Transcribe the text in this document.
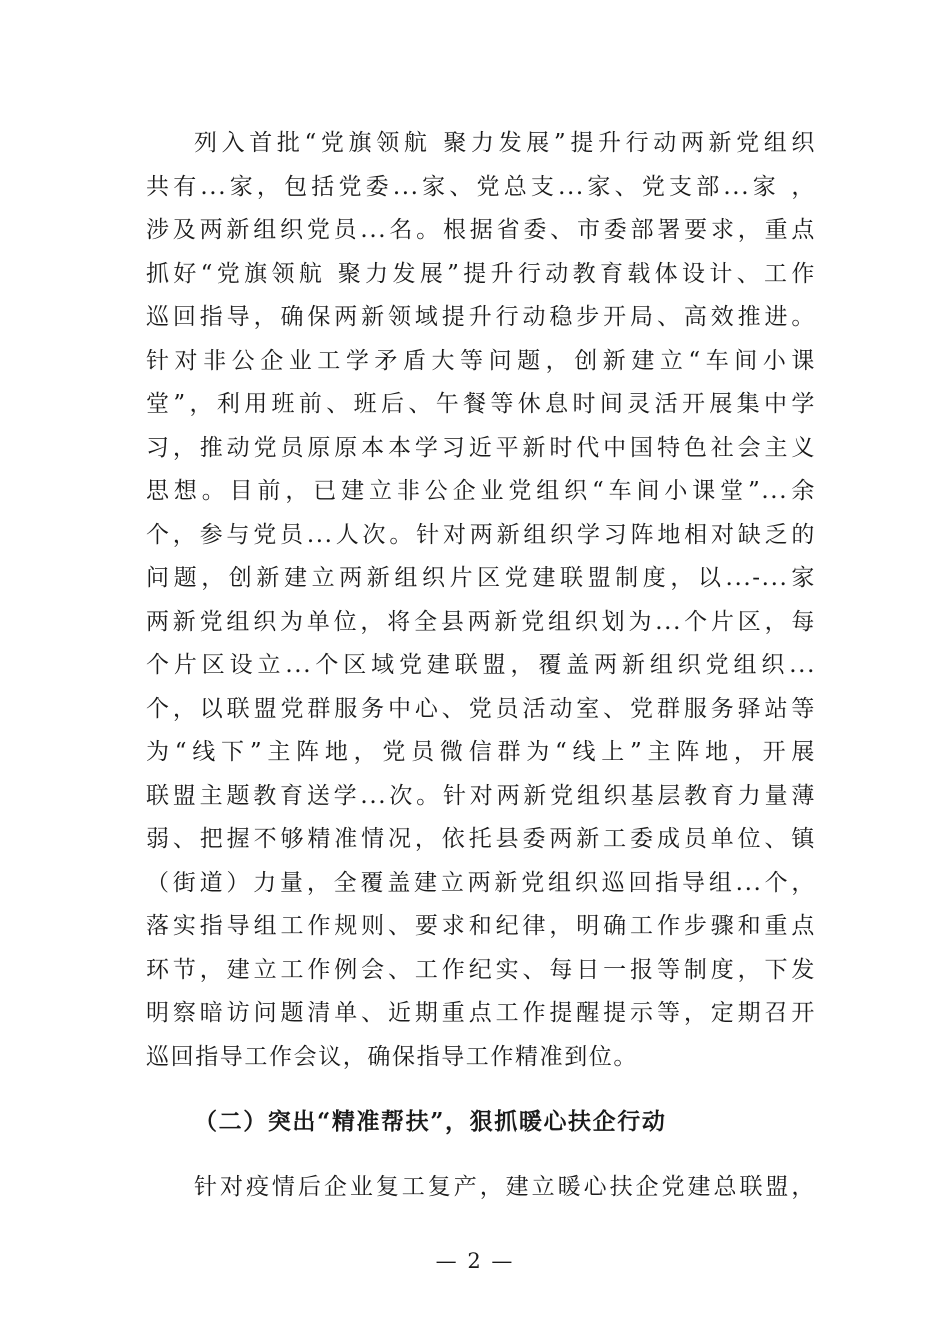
列入首批“党旗领航 聚力发展”提升行动两新党组织
共有...家，包括党委...家、党总支...家、党支部...家 ，
涉及两新组织党员...名。根据省委、市委部署要求，重点
抓好“党旗领航 聚力发展”提升行动教育载体设计、工作
巡回指导，确保两新领域提升行动稳步开局、高效推进。
针对非公企业工学矛盾大等问题，创新建立“车间小课
堂”，利用班前、班后、午餐等休息时间灵活开展集中学
习，推动党员原原本本学习近平新时代中国特色社会主义
思想。目前，已建立非公企业党组织“车间小课堂”...余
个，参与党员...人次。针对两新组织学习阵地相对缺乏的
问题，创新建立两新组织片区党建联盟制度，以...-...家
两新党组织为单位，将全县两新党组织划为...个片区，每
个片区设立...个区域党建联盟，覆盖两新组织党组织...
个，以联盟党群服务中心、党员活动室、党群服务驿站等
为“线下”主阵地，党员微信群为“线上”主阵地，开展
联盟主题教育送学...次。针对两新党组织基层教育力量薄
弱、把握不够精准情况，依托县委两新工委成员单位、镇
（街道）力量，全覆盖建立两新党组织巡回指导组...个，
落实指导组工作规则、要求和纪律，明确工作步骤和重点
环节，建立工作例会、工作纪实、每日一报等制度，下发
明察暗访问题清单、近期重点工作提醒提示等，定期召开
巡回指导工作会议，确保指导工作精准到位。
（二）突出“精准帮扶”，狠抓暖心扶企行动
针对疫情后企业复工复产，建立暖心扶企党建总联盟，
— 2 —
